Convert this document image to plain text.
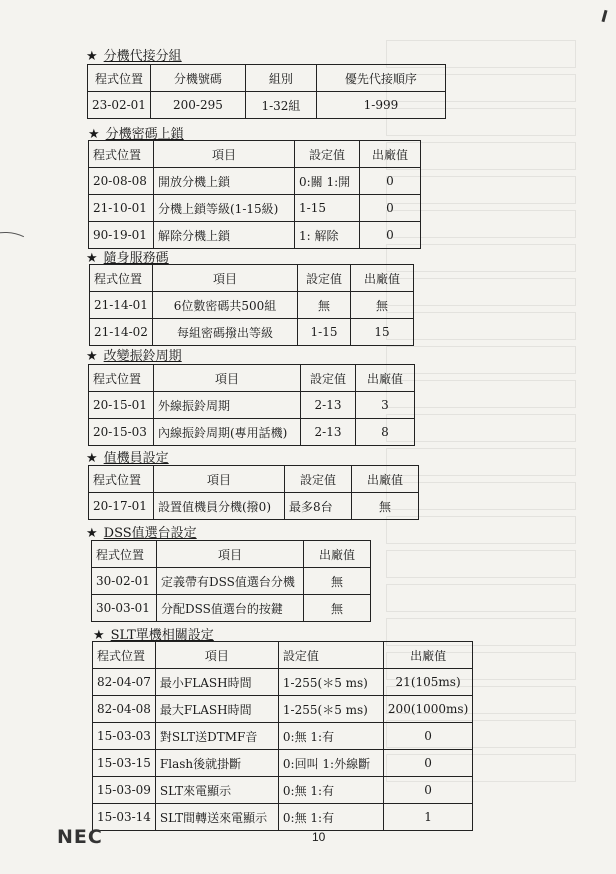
★ 分機代接分組
程式位置	分機號碼	組別	優先代接順序
23-02-01	200-295	1-32組	1-999
★ 分機密碼上鎖
程式位置	項目	設定值	出廠值
20-08-08	開放分機上鎖	0:關 1:開	0
21-10-01	分機上鎖等級(1-15級)	1-15	0
90-19-01	解除分機上鎖	1: 解除	0
★ 隨身服務碼
程式位置	項目	設定值	出廠值
21-14-01	6位數密碼共500組	無	無
21-14-02	每組密碼撥出等級	1-15	15
★ 改變振鈴周期
程式位置	項目	設定值	出廠值
20-15-01	外線振鈴周期	2-13	3
20-15-03	內線振鈴周期(專用話機)	2-13	8
★ 值機員設定
程式位置	項目	設定值	出廠值
20-17-01	設置值機員分機(撥0)	最多8台	無
★ DSS值選台設定
程式位置	項目	出廠值
30-02-01	定義帶有DSS值選台分機	無
30-03-01	分配DSS值選台的按鍵	無
★ SLT單機相關設定
程式位置	項目	設定值	出廠值
82-04-07	最小FLASH時間	1-255(＊5 ms)	21(105ms)
82-04-08	最大FLASH時間	1-255(＊5 ms)	200(1000ms)
15-03-03	對SLT送DTMF音	0:無 1:有	0
15-03-15	Flash後就掛斷	0:回叫 1:外線斷	0
15-03-09	SLT來電顯示	0:無 1:有	0
15-03-14	SLT間轉送來電顯示	0:無 1:有	1
NEC	10
